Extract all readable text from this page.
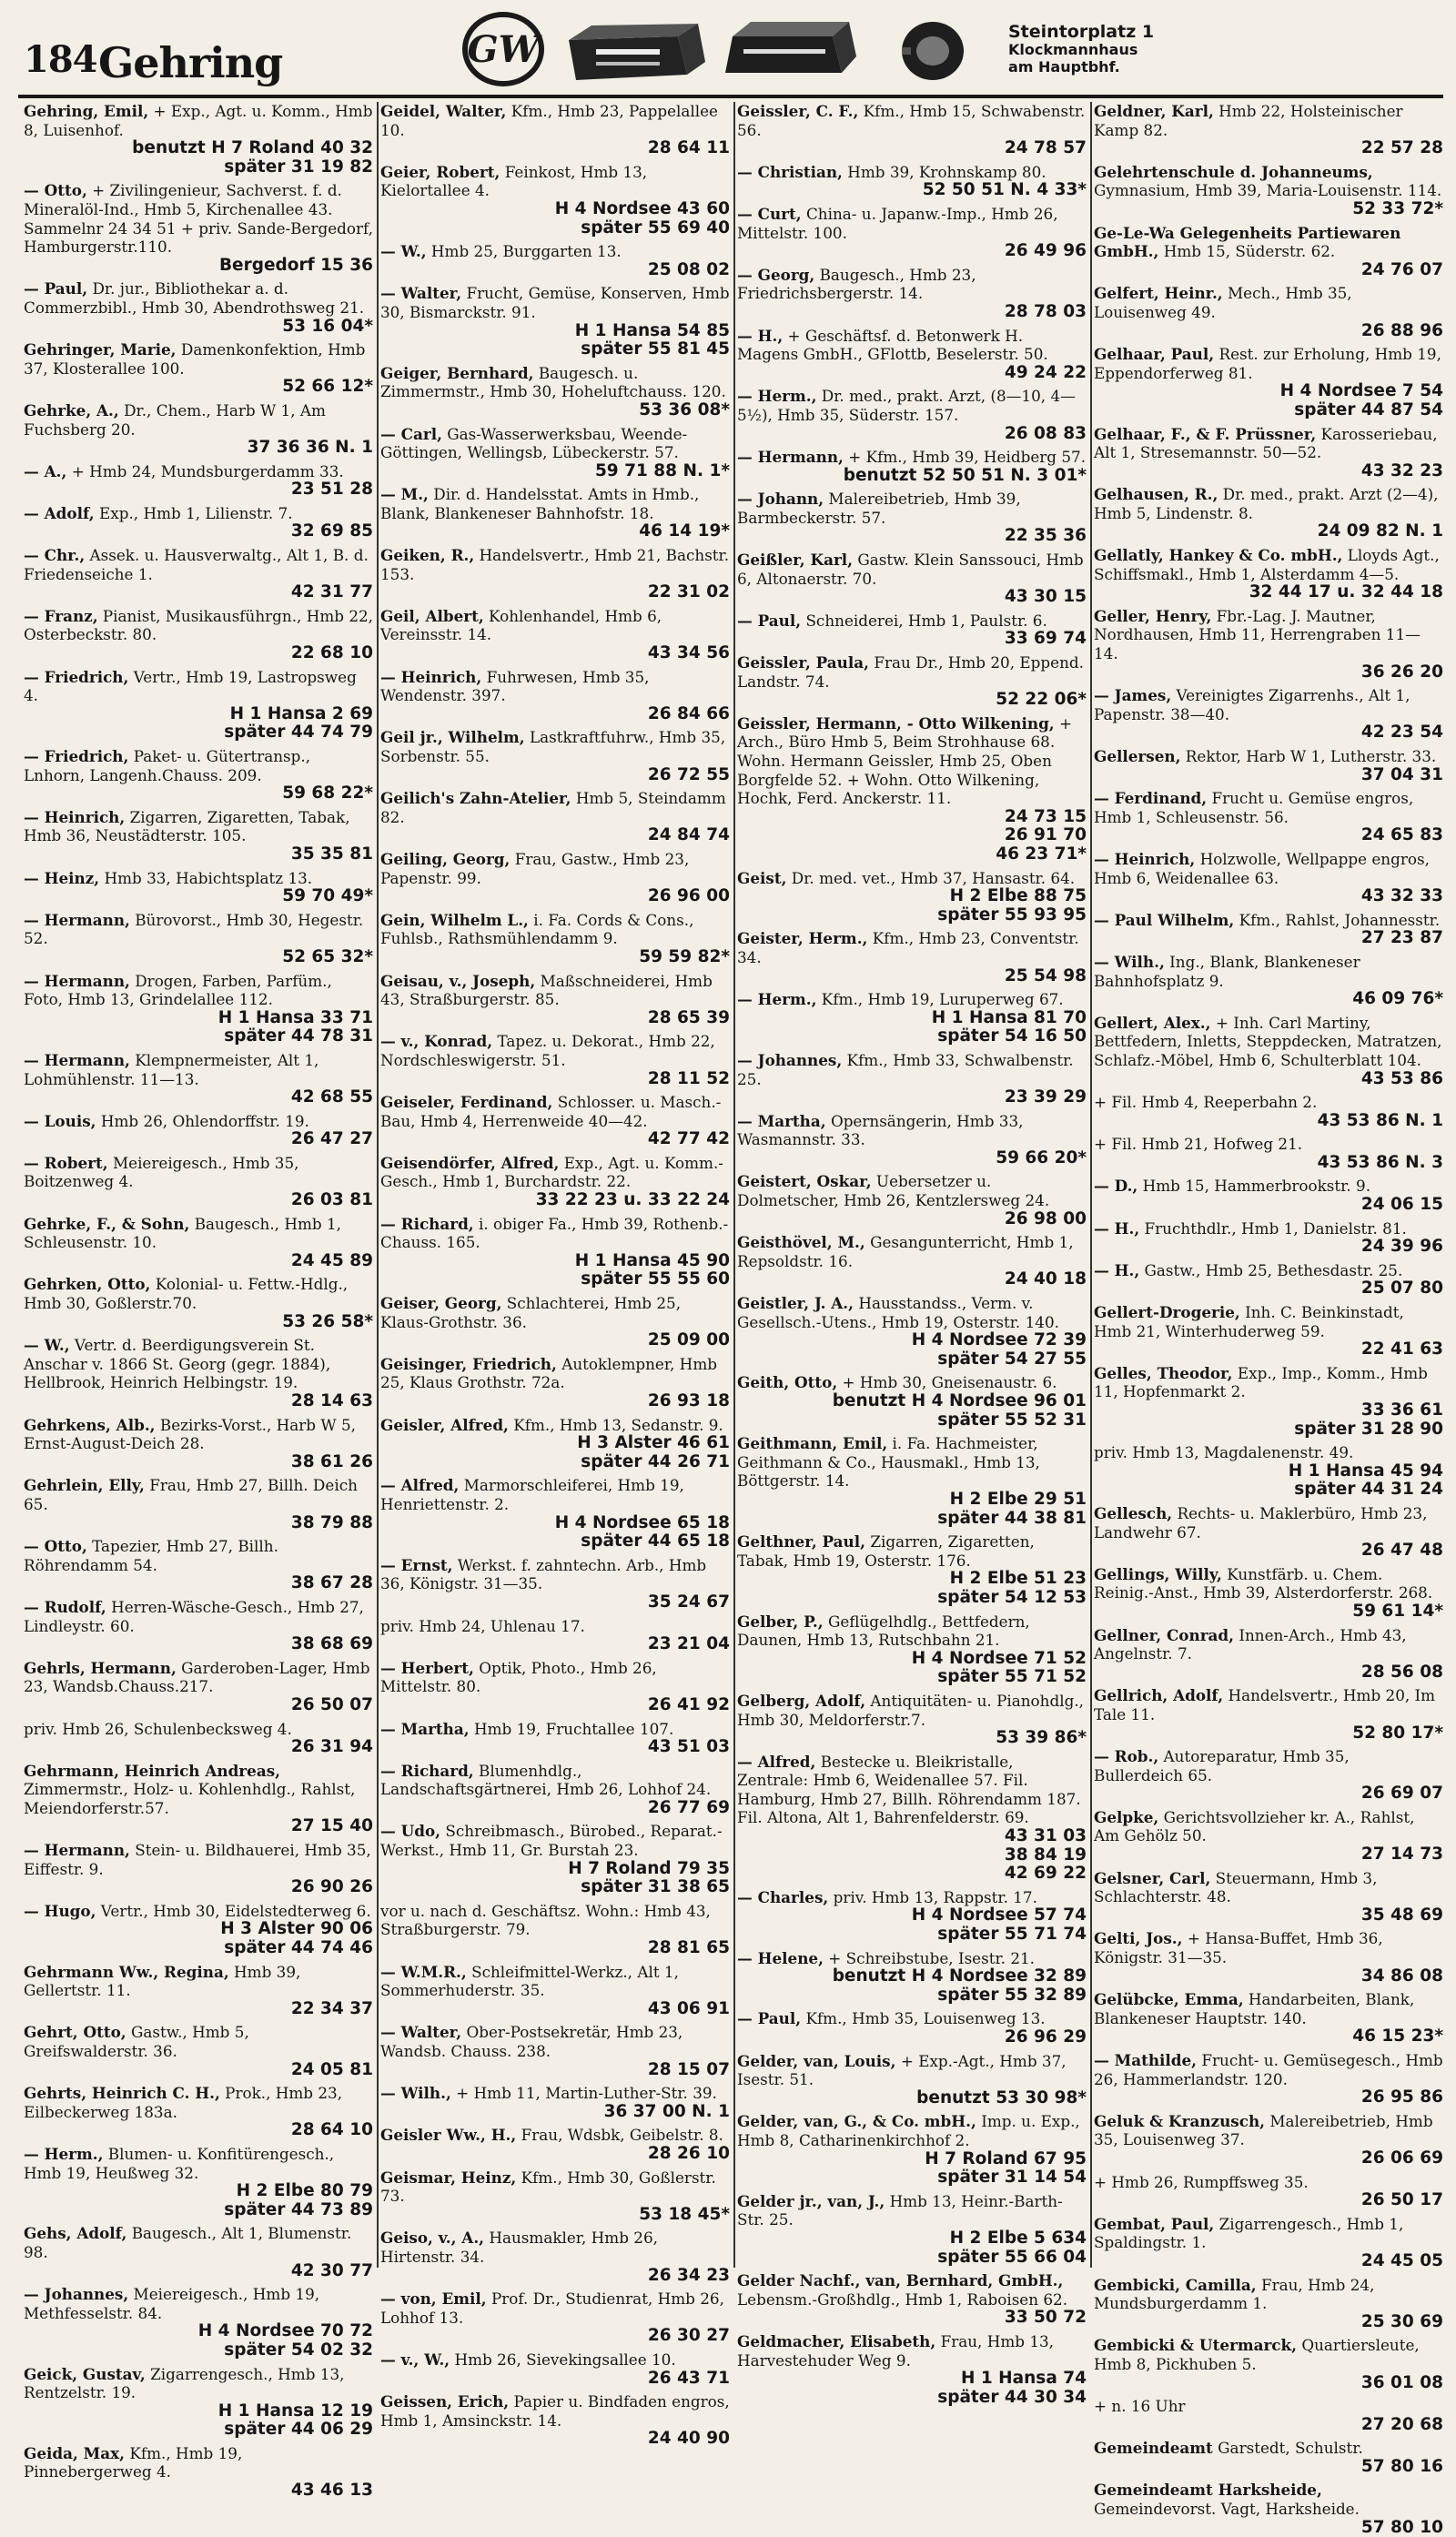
184 Gehring	GW	Steintorplatz 1
Klockmannhaus
am Hauptbhf.
Gehring, Emil, + Exp., Agt. u. Komm., Hmb 8, Luisenhof.
benutzt H 7 Roland 40 32
später 31 19 82
— Otto, + Zivilingenieur, Sachverst. f. d. Mineralöl-Ind., Hmb 5, Kirchenallee 43. Sammelnr 24 34 51 + priv. Sande-Bergedorf, Hamburgerstr.110.
Bergedorf 15 36
— Paul, Dr. jur., Bibliothekar a. d. Commerzbibl., Hmb 30, Abendrothsweg 21.
53 16 04*
Gehringer, Marie, Damenkonfektion, Hmb 37, Klosterallee 100.
52 66 12*
Gehrke, A., Dr., Chem., Harb W 1, Am Fuchsberg 20.
37 36 36 N. 1
— A., + Hmb 24, Mundsburgerdamm 33.
23 51 28
— Adolf, Exp., Hmb 1, Lilienstr. 7.
32 69 85
— Chr., Assek. u. Hausverwaltg., Alt 1, B. d. Friedenseiche 1.
42 31 77
— Franz, Pianist, Musikausführgn., Hmb 22, Osterbeckstr. 80.
22 68 10
— Friedrich, Vertr., Hmb 19, Lastropsweg 4.
H 1 Hansa 2 69
später 44 74 79
— Friedrich, Paket- u. Gütertransp., Lnhorn, Langenh.Chauss. 209.
59 68 22*
— Heinrich, Zigarren, Zigaretten, Tabak, Hmb 36, Neustädterstr. 105.
35 35 81
— Heinz, Hmb 33, Habichtsplatz 13.
59 70 49*
— Hermann, Bürovorst., Hmb 30, Hegestr. 52.
52 65 32*
— Hermann, Drogen, Farben, Parfüm., Foto, Hmb 13, Grindelallee 112.
H 1 Hansa 33 71
später 44 78 31
— Hermann, Klempnermeister, Alt 1, Lohmühlenstr. 11—13.
42 68 55
— Louis, Hmb 26, Ohlendorffstr. 19.
26 47 27
— Robert, Meiereigesch., Hmb 35, Boitzenweg 4.
26 03 81
Gehrke, F., & Sohn, Baugesch., Hmb 1, Schleusenstr. 10.
24 45 89
Gehrken, Otto, Kolonial- u. Fettw.-Hdlg., Hmb 30, Goßlerstr.70.
53 26 58*
— W., Vertr. d. Beerdigungsverein St. Anschar v. 1866 St. Georg (gegr. 1884), Hellbrook, Heinrich Helbingstr. 19.
28 14 63
Gehrkens, Alb., Bezirks-Vorst., Harb W 5, Ernst-August-Deich 28.
38 61 26
Gehrlein, Elly, Frau, Hmb 27, Billh. Deich 65.
38 79 88
— Otto, Tapezier, Hmb 27, Billh. Röhrendamm 54.
38 67 28
— Rudolf, Herren-Wäsche-Gesch., Hmb 27, Lindleystr. 60.
38 68 69
Gehrls, Hermann, Garderoben-Lager, Hmb 23, Wandsb.Chauss.217.
26 50 07
priv. Hmb 26, Schulenbecksweg 4.
26 31 94
Gehrmann, Heinrich Andreas, Zimmermstr., Holz- u. Kohlenhdlg., Rahlst, Meiendorferstr.57.
27 15 40
— Hermann, Stein- u. Bildhauerei, Hmb 35, Eiffestr. 9.
26 90 26
— Hugo, Vertr., Hmb 30, Eidelstedterweg 6.
H 3 Alster 90 06
später 44 74 46
Gehrmann Ww., Regina, Hmb 39, Gellertstr. 11.
22 34 37
Gehrt, Otto, Gastw., Hmb 5, Greifswalderstr. 36.
24 05 81
Gehrts, Heinrich C. H., Prok., Hmb 23, Eilbeckerweg 183a.
28 64 10
— Herm., Blumen- u. Konfitürengesch., Hmb 19, Heußweg 32.
H 2 Elbe 80 79
später 44 73 89
Gehs, Adolf, Baugesch., Alt 1, Blumenstr. 98.
42 30 77
— Johannes, Meiereigesch., Hmb 19, Methfesselstr. 84.
H 4 Nordsee 70 72
später 54 02 32
Geick, Gustav, Zigarrengesch., Hmb 13, Rentzelstr. 19.
H 1 Hansa 12 19
später 44 06 29
Geida, Max, Kfm., Hmb 19, Pinnebergerweg 4.
43 46 13
Geidel, Walter, Kfm., Hmb 23, Pappelallee 10.
28 64 11
Geier, Robert, Feinkost, Hmb 13, Kielortallee 4.
H 4 Nordsee 43 60
später 55 69 40
— W., Hmb 25, Burggarten 13.
25 08 02
— Walter, Frucht, Gemüse, Konserven, Hmb 30, Bismarckstr. 91.
H 1 Hansa 54 85
später 55 81 45
Geiger, Bernhard, Baugesch. u. Zimmermstr., Hmb 30, Hoheluftchauss. 120.
53 36 08*
— Carl, Gas-Wasserwerksbau, Weende-Göttingen, Wellingsb, Lübeckerstr. 57.
59 71 88 N. 1*
— M., Dir. d. Handelsstat. Amts in Hmb., Blank, Blankeneser Bahnhofstr. 18.
46 14 19*
Geiken, R., Handelsvertr., Hmb 21, Bachstr. 153.
22 31 02
Geil, Albert, Kohlenhandel, Hmb 6, Vereinsstr. 14.
43 34 56
— Heinrich, Fuhrwesen, Hmb 35, Wendenstr. 397.
26 84 66
Geil jr., Wilhelm, Lastkraftfuhrw., Hmb 35, Sorbenstr. 55.
26 72 55
Geilich's Zahn-Atelier, Hmb 5, Steindamm 82.
24 84 74
Geiling, Georg, Frau, Gastw., Hmb 23, Papenstr. 99.
26 96 00
Gein, Wilhelm L., i. Fa. Cords & Cons., Fuhlsb., Rathsmühlendamm 9.
59 59 82*
Geisau, v., Joseph, Maßschneiderei, Hmb 43, Straßburgerstr. 85.
28 65 39
— v., Konrad, Tapez. u. Dekorat., Hmb 22, Nordschleswigerstr. 51.
28 11 52
Geiseler, Ferdinand, Schlosser. u. Masch.-Bau, Hmb 4, Herrenweide 40—42.
42 77 42
Geisendörfer, Alfred, Exp., Agt. u. Komm.-Gesch., Hmb 1, Burchardstr. 22.
33 22 23 u. 33 22 24
— Richard, i. obiger Fa., Hmb 39, Rothenb.-Chauss. 165.
H 1 Hansa 45 90
später 55 55 60
Geiser, Georg, Schlachterei, Hmb 25, Klaus-Grothstr. 36.
25 09 00
Geisinger, Friedrich, Autoklempner, Hmb 25, Klaus Grothstr. 72a.
26 93 18
Geisler, Alfred, Kfm., Hmb 13, Sedanstr. 9.
H 3 Alster 46 61
später 44 26 71
— Alfred, Marmorschleiferei, Hmb 19, Henriettenstr. 2.
H 4 Nordsee 65 18
später 44 65 18
— Ernst, Werkst. f. zahntechn. Arb., Hmb 36, Königstr. 31—35.
35 24 67
priv. Hmb 24, Uhlenau 17.
23 21 04
— Herbert, Optik, Photo., Hmb 26, Mittelstr. 80.
26 41 92
— Martha, Hmb 19, Fruchtallee 107.
43 51 03
— Richard, Blumenhdlg., Landschaftsgärtnerei, Hmb 26, Lohhof 24.
26 77 69
— Udo, Schreibmasch., Bürobed., Reparat.-Werkst., Hmb 11, Gr. Burstah 23.
H 7 Roland 79 35
später 31 38 65
vor u. nach d. Geschäftsz. Wohn.: Hmb 43, Straßburgerstr. 79.
28 81 65
— W.M.R., Schleifmittel-Werkz., Alt 1, Sommerhuderstr. 35.
43 06 91
— Walter, Ober-Postsekretär, Hmb 23, Wandsb. Chauss. 238.
28 15 07
— Wilh., + Hmb 11, Martin-Luther-Str. 39.
36 37 00 N. 1
Geisler Ww., H., Frau, Wdsbk, Geibelstr. 8.
28 26 10
Geismar, Heinz, Kfm., Hmb 30, Goßlerstr. 73.
53 18 45*
Geiso, v., A., Hausmakler, Hmb 26, Hirtenstr. 34.
26 34 23
— von, Emil, Prof. Dr., Studienrat, Hmb 26, Lohhof 13.
26 30 27
— v., W., Hmb 26, Sievekingsallee 10.
26 43 71
Geissen, Erich, Papier u. Bindfaden engros, Hmb 1, Amsinckstr. 14.
24 40 90
Geissler, C. F., Kfm., Hmb 15, Schwabenstr. 56.
24 78 57
— Christian, Hmb 39, Krohnskamp 80.
52 50 51 N. 4 33*
— Curt, China- u. Japanw.-Imp., Hmb 26, Mittelstr. 100.
26 49 96
— Georg, Baugesch., Hmb 23, Friedrichsbergerstr. 14.
28 78 03
— H., + Geschäftsf. d. Betonwerk H. Magens GmbH., GFlottb, Beselerstr. 50.
49 24 22
— Herm., Dr. med., prakt. Arzt, (8—10, 4—5½), Hmb 35, Süderstr. 157.
26 08 83
— Hermann, + Kfm., Hmb 39, Heidberg 57.
benutzt 52 50 51 N. 3 01*
— Johann, Malereibetrieb, Hmb 39, Barmbeckerstr. 57.
22 35 36
Geißler, Karl, Gastw. Klein Sanssouci, Hmb 6, Altonaerstr. 70.
43 30 15
— Paul, Schneiderei, Hmb 1, Paulstr. 6.
33 69 74
Geissler, Paula, Frau Dr., Hmb 20, Eppend. Landstr. 74.
52 22 06*
Geissler, Hermann, - Otto Wilkening, + Arch., Büro Hmb 5, Beim Strohhause 68. Wohn. Hermann Geissler, Hmb 25, Oben Borgfelde 52. + Wohn. Otto Wilkening, Hochk, Ferd. Anckerstr. 11.
24 73 15
26 91 70
46 23 71*
Geist, Dr. med. vet., Hmb 37, Hansastr. 64.
H 2 Elbe 88 75
später 55 93 95
Geister, Herm., Kfm., Hmb 23, Conventstr. 34.
25 54 98
— Herm., Kfm., Hmb 19, Luruperweg 67.
H 1 Hansa 81 70
später 54 16 50
— Johannes, Kfm., Hmb 33, Schwalbenstr. 25.
23 39 29
— Martha, Opernsängerin, Hmb 33, Wasmannstr. 33.
59 66 20*
Geistert, Oskar, Uebersetzer u. Dolmetscher, Hmb 26, Kentzlersweg 24.
26 98 00
Geisthövel, M., Gesangunterricht, Hmb 1, Repsoldstr. 16.
24 40 18
Geistler, J. A., Hausstandss., Verm. v. Gesellsch.-Utens., Hmb 19, Osterstr. 140.
H 4 Nordsee 72 39
später 54 27 55
Geith, Otto, + Hmb 30, Gneisenaustr. 6.
benutzt H 4 Nordsee 96 01
später 55 52 31
Geithmann, Emil, i. Fa. Hachmeister, Geithmann & Co., Hausmakl., Hmb 13, Böttgerstr. 14.
H 2 Elbe 29 51
später 44 38 81
Gelthner, Paul, Zigarren, Zigaretten, Tabak, Hmb 19, Osterstr. 176.
H 2 Elbe 51 23
später 54 12 53
Gelber, P., Geflügelhdlg., Bettfedern, Daunen, Hmb 13, Rutschbahn 21.
H 4 Nordsee 71 52
später 55 71 52
Gelberg, Adolf, Antiquitäten- u. Pianohdlg., Hmb 30, Meldorferstr.7.
53 39 86*
— Alfred, Bestecke u. Bleikristalle, Zentrale: Hmb 6, Weidenallee 57. Fil. Hamburg, Hmb 27, Billh. Röhrendamm 187. Fil. Altona, Alt 1, Bahrenfelderstr. 69.
43 31 03
38 84 19
42 69 22
— Charles, priv. Hmb 13, Rappstr. 17.
H 4 Nordsee 57 74
später 55 71 74
— Helene, + Schreibstube, Isestr. 21.
benutzt H 4 Nordsee 32 89
später 55 32 89
— Paul, Kfm., Hmb 35, Louisenweg 13.
26 96 29
Gelder, van, Louis, + Exp.-Agt., Hmb 37, Isestr. 51.
benutzt 53 30 98*
Gelder, van, G., & Co. mbH., Imp. u. Exp., Hmb 8, Catharinenkirchhof 2.
H 7 Roland 67 95
später 31 14 54
Gelder jr., van, J., Hmb 13, Heinr.-Barth-Str. 25.
H 2 Elbe 5 634
später 55 66 04
Gelder Nachf., van, Bernhard, GmbH., Lebensm.-Großhdlg., Hmb 1, Raboisen 62.
33 50 72
Geldmacher, Elisabeth, Frau, Hmb 13, Harvestehuder Weg 9.
H 1 Hansa 74
später 44 30 34
Geldner, Karl, Hmb 22, Holsteinischer Kamp 82.
22 57 28
Gelehrtenschule d. Johanneums, Gymnasium, Hmb 39, Maria-Louisenstr. 114.
52 33 72*
Ge-Le-Wa Gelegenheits Partiewaren GmbH., Hmb 15, Süderstr. 62.
24 76 07
Gelfert, Heinr., Mech., Hmb 35, Louisenweg 49.
26 88 96
Gelhaar, Paul, Rest. zur Erholung, Hmb 19, Eppendorferweg 81.
H 4 Nordsee 7 54
später 44 87 54
Gelhaar, F., & F. Prüssner, Karosseriebau, Alt 1, Stresemannstr. 50—52.
43 32 23
Gelhausen, R., Dr. med., prakt. Arzt (2—4), Hmb 5, Lindenstr. 8.
24 09 82 N. 1
Gellatly, Hankey & Co. mbH., Lloyds Agt., Schiffsmakl., Hmb 1, Alsterdamm 4—5.
32 44 17 u. 32 44 18
Geller, Henry, Fbr.-Lag. J. Mautner, Nordhausen, Hmb 11, Herrengraben 11—14.
36 26 20
— James, Vereinigtes Zigarrenhs., Alt 1, Papenstr. 38—40.
42 23 54
Gellersen, Rektor, Harb W 1, Lutherstr. 33.
37 04 31
— Ferdinand, Frucht u. Gemüse engros, Hmb 1, Schleusenstr. 56.
24 65 83
— Heinrich, Holzwolle, Wellpappe engros, Hmb 6, Weidenallee 63.
43 32 33
— Paul Wilhelm, Kfm., Rahlst, Johannesstr.
27 23 87
— Wilh., Ing., Blank, Blankeneser Bahnhofsplatz 9.
46 09 76*
Gellert, Alex., + Inh. Carl Martiny, Bettfedern, Inletts, Steppdecken, Matratzen, Schlafz.-Möbel, Hmb 6, Schulterblatt 104.
43 53 86
+ Fil. Hmb 4, Reeperbahn 2.
43 53 86 N. 1
+ Fil. Hmb 21, Hofweg 21.
43 53 86 N. 3
— D., Hmb 15, Hammerbrookstr. 9.
24 06 15
— H., Fruchthdlr., Hmb 1, Danielstr. 81.
24 39 96
— H., Gastw., Hmb 25, Bethesdastr. 25.
25 07 80
Gellert-Drogerie, Inh. C. Beinkinstadt, Hmb 21, Winterhuderweg 59.
22 41 63
Gelles, Theodor, Exp., Imp., Komm., Hmb 11, Hopfenmarkt 2.
33 36 61
später 31 28 90
priv. Hmb 13, Magdalenenstr. 49.
H 1 Hansa 45 94
später 44 31 24
Gellesch, Rechts- u. Maklerbüro, Hmb 23, Landwehr 67.
26 47 48
Gellings, Willy, Kunstfärb. u. Chem. Reinig.-Anst., Hmb 39, Alsterdorferstr. 268.
59 61 14*
Gellner, Conrad, Innen-Arch., Hmb 43, Angelnstr. 7.
28 56 08
Gellrich, Adolf, Handelsvertr., Hmb 20, Im Tale 11.
52 80 17*
— Rob., Autoreparatur, Hmb 35, Bullerdeich 65.
26 69 07
Gelpke, Gerichtsvollzieher kr. A., Rahlst, Am Gehölz 50.
27 14 73
Gelsner, Carl, Steuermann, Hmb 3, Schlachterstr. 48.
35 48 69
Gelti, Jos., + Hansa-Buffet, Hmb 36, Königstr. 31—35.
34 86 08
Gelübcke, Emma, Handarbeiten, Blank, Blankeneser Hauptstr. 140.
46 15 23*
— Mathilde, Frucht- u. Gemüsegesch., Hmb 26, Hammerlandstr. 120.
26 95 86
Geluk & Kranzusch, Malereibetrieb, Hmb 35, Louisenweg 37.
26 06 69
+ Hmb 26, Rumpffsweg 35.
26 50 17
Gembat, Paul, Zigarrengesch., Hmb 1, Spaldingstr. 1.
24 45 05
Gembicki, Camilla, Frau, Hmb 24, Mundsburgerdamm 1.
25 30 69
Gembicki & Utermarck, Quartiersleute, Hmb 8, Pickhuben 5.
36 01 08
+ n. 16 Uhr
27 20 68
Gemeindeamt Garstedt, Schulstr.
57 80 16
Gemeindeamt Harksheide, Gemeindevorst. Vagt, Harksheide.
57 80 10
